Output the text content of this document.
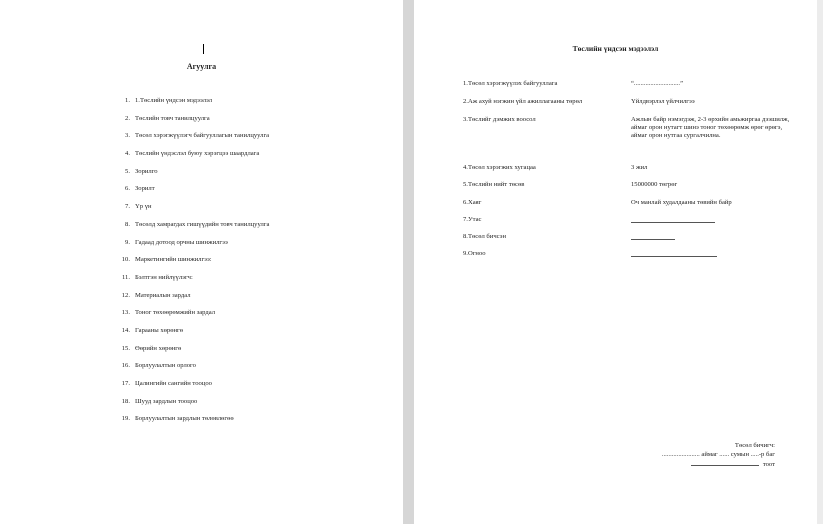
Агуулга
1. 1.Төслийн үндсэн мэдээлэл
2. Төслийн товч танилцуулга
3. Төсөл хэрэгжүүлэгч байгууллагын танилцуулга
4. Төслийн үндэслэл буюу хэрэгцээ шаардлага
5. Зорилго
6. Зорилт
7. Үр үн
8. Төсөлд хамрагдах гишүүдийн товч танилцуулга
9. Гадаад дотоод орчны шинжилгээ
10. Маркетингийн шинжилгээ:
11. Бэлтгэн нийлүүлэгч:
12. Материалын зардал
13. Тоног төхөөрөмжийн зардал
14. Гарааны хөрөнгө
15. Өөрийн хөрөнгө
16. Борлуулалтын орлого
17. Цалингийн сангийн тооцоо
18. Шууд зардлын тооцоо
19. Борлуулалтын зардлын төлөвлөгөө
Төслийн үндсэн мэдээлэл
1.Төсөл хэрэгжүүлэх байгууллага	“............................”
2.Аж ахуй нэгжин үйл ажиллагааны төрөл	Үйлдвэрлэл үйлчилгээ
3.Төслийг дэмжих воосол	Ажлын байр нэмэгдэж, 2-3 өрхийн амьжиргаа дээшилж, аймаг орон нутагт шинэ тоног төхөөрөмж өрөг өрөгэ, аймаг орон нутгаа сургалчилна.
4.Төсөл хэрэгжих хугацаа	3 жил
5.Төслийн нийт төсөв	15000000 төгрөг
6.Хаяг	Оч манлай худалдааны төвийн байр
7.Утас
8.Төсөл бичсэн
9.Огноо
Төсөл бичигч:
....................... аймаг ...... сумын .....-р баг
тоот
